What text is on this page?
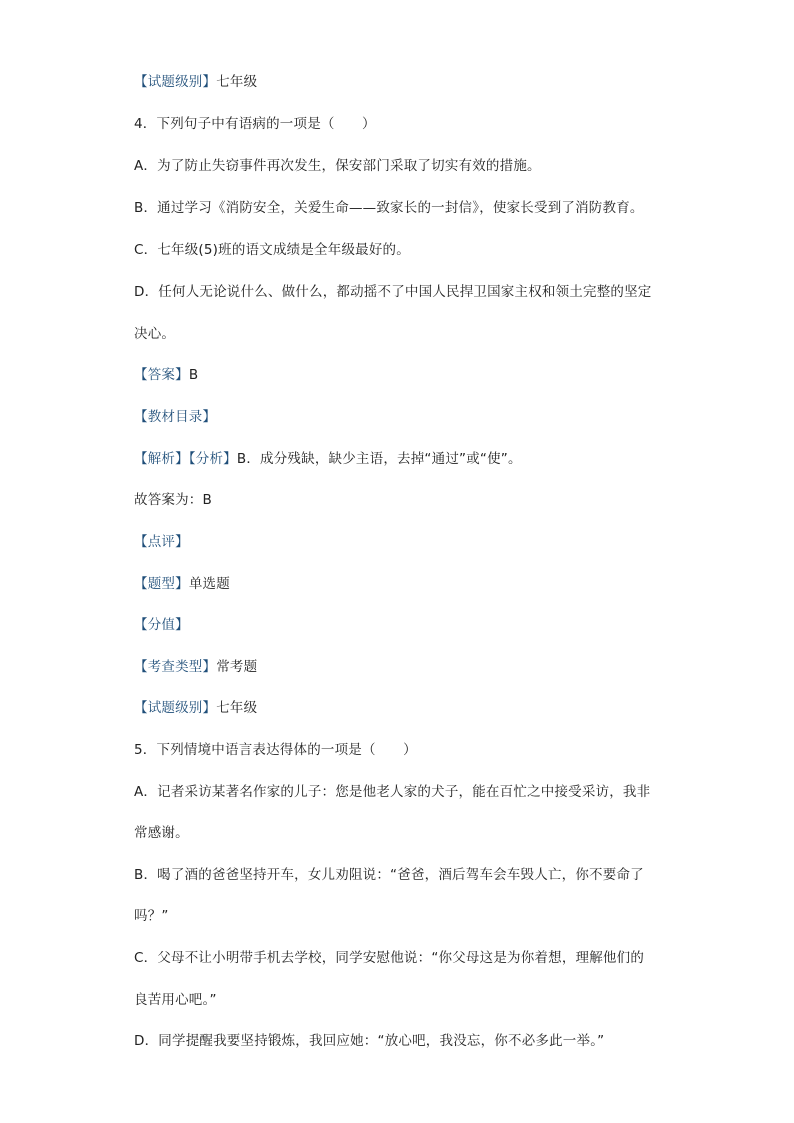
【试题级别】七年级
4．下列句子中有语病的一项是（　　）
A．为了防止失窃事件再次发生，保安部门采取了切实有效的措施。
B．通过学习《消防安全，关爱生命——致家长的一封信》，使家长受到了消防教育。
C．七年级(5)班的语文成绩是全年级最好的。
D．任何人无论说什么、做什么，都动摇不了中国人民捍卫国家主权和领土完整的坚定
决心。
【答案】B
【教材目录】
【解析】【分析】B．成分残缺，缺少主语，去掉“通过”或“使”。
故答案为：B
【点评】
【题型】单选题
【分值】
【考查类型】常考题
【试题级别】七年级
5．下列情境中语言表达得体的一项是（　　）
A．记者采访某著名作家的儿子：您是他老人家的犬子，能在百忙之中接受采访，我非
常感谢。
B．喝了酒的爸爸坚持开车，女儿劝阻说：“爸爸，酒后驾车会车毁人亡，你不要命了
吗？”
C．父母不让小明带手机去学校，同学安慰他说：“你父母这是为你着想，理解他们的
良苦用心吧。”
D．同学提醒我要坚持锻炼，我回应她：“放心吧，我没忘，你不必多此一举。”
